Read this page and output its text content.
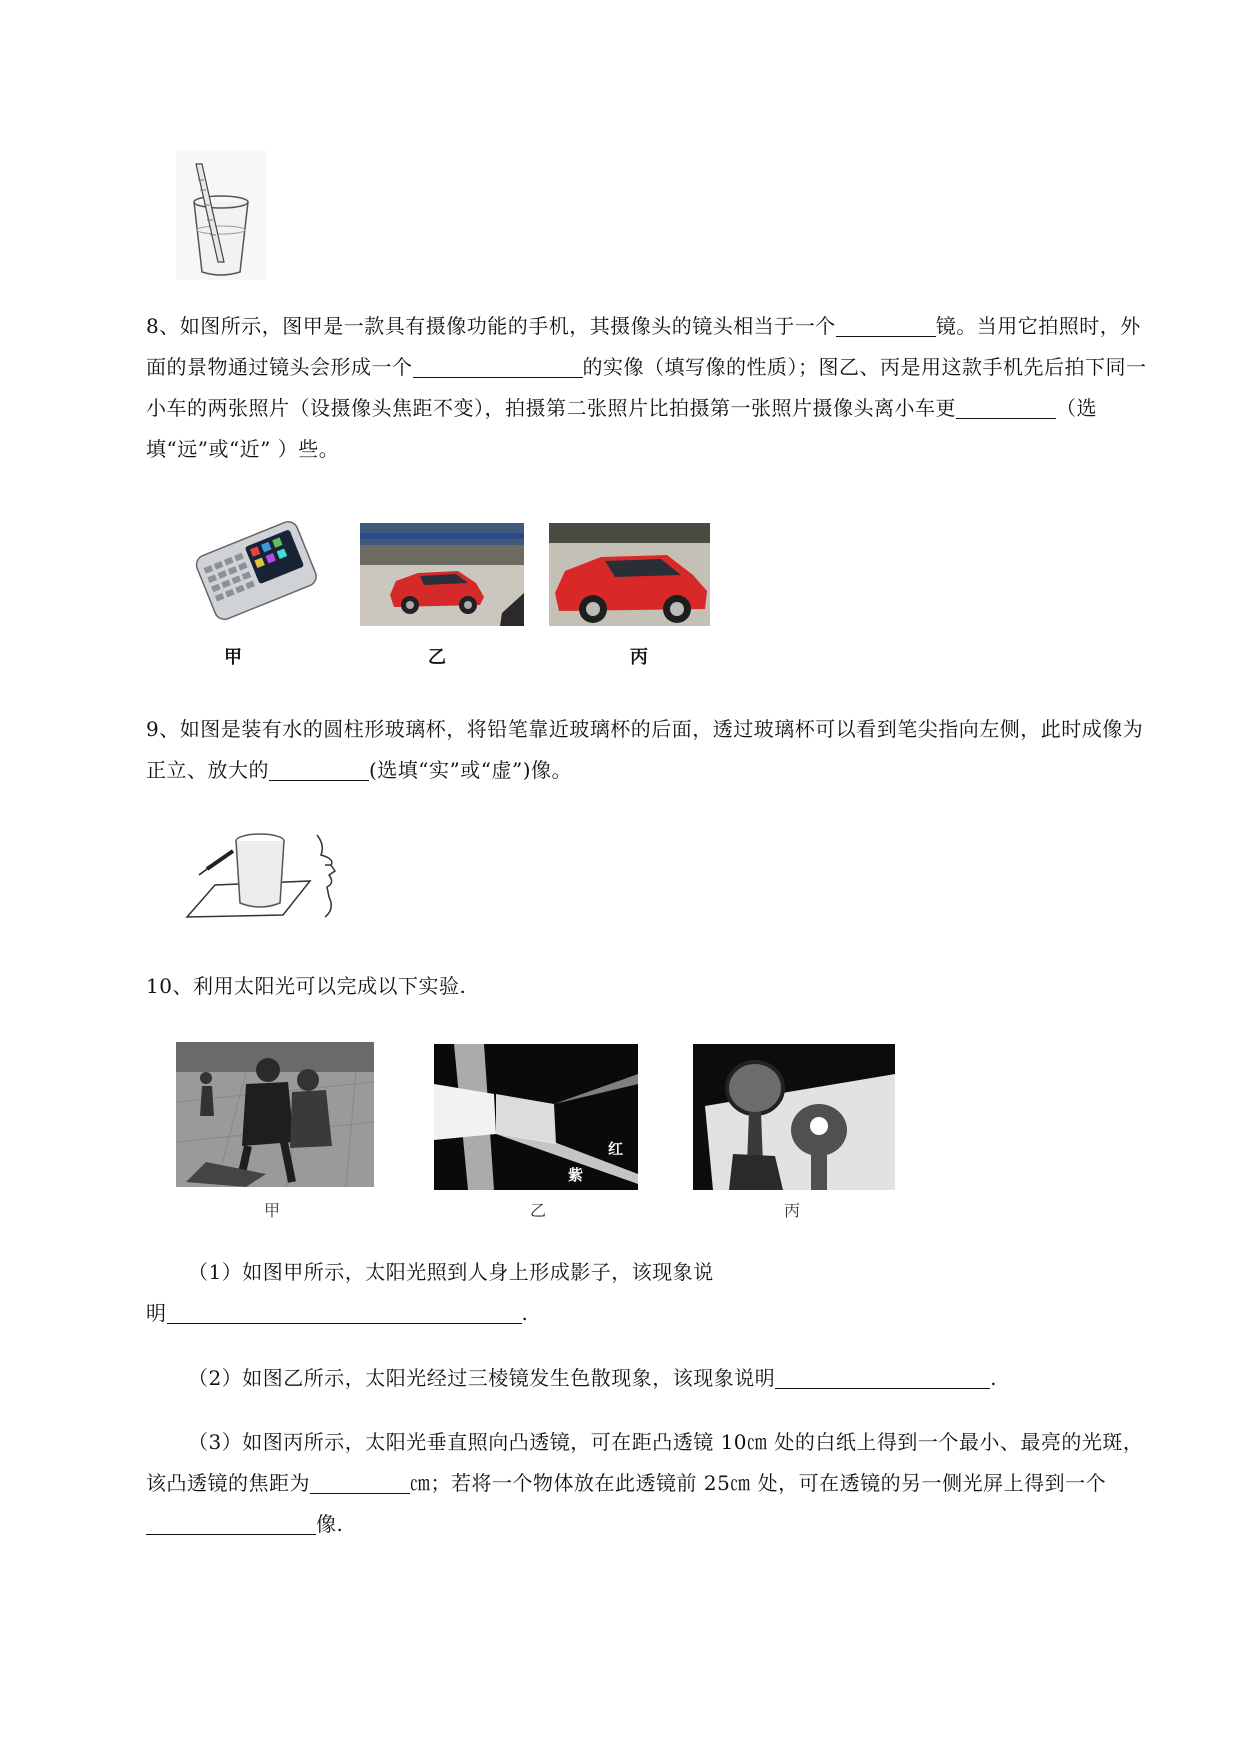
8、如图所示，图甲是一款具有摄像功能的手机，其摄像头的镜头相当于一个	镜。当用它拍照时，外面的景物通过镜头会形成一个	的实像（填写像的性质）；图乙、丙是用这款手机先后拍下同一小车的两张照片（设摄像头焦距不变），拍摄第二张照片比拍摄第一张照片摄像头离小车更	（选填“远”或“近” ）些。
甲	乙	丙
9、如图是装有水的圆柱形玻璃杯，将铅笔靠近玻璃杯的后面，透过玻璃杯可以看到笔尖指向左侧，此时成像为正立、放大的	(选填“实”或“虚”)像。
10、利用太阳光可以完成以下实验.
甲
红
紫
乙	丙
（1）如图甲所示，太阳光照到人身上形成影子，该现象说
明	.
（2）如图乙所示，太阳光经过三棱镜发生色散现象，该现象说明	.
（3）如图丙所示，太阳光垂直照向凸透镜，可在距凸透镜 10㎝ 处的白纸上得到一个最小、最亮的光斑，该凸透镜的焦距为	㎝；若将一个物体放在此透镜前 25㎝ 处，可在透镜的另一侧光屏上得到一个像.
